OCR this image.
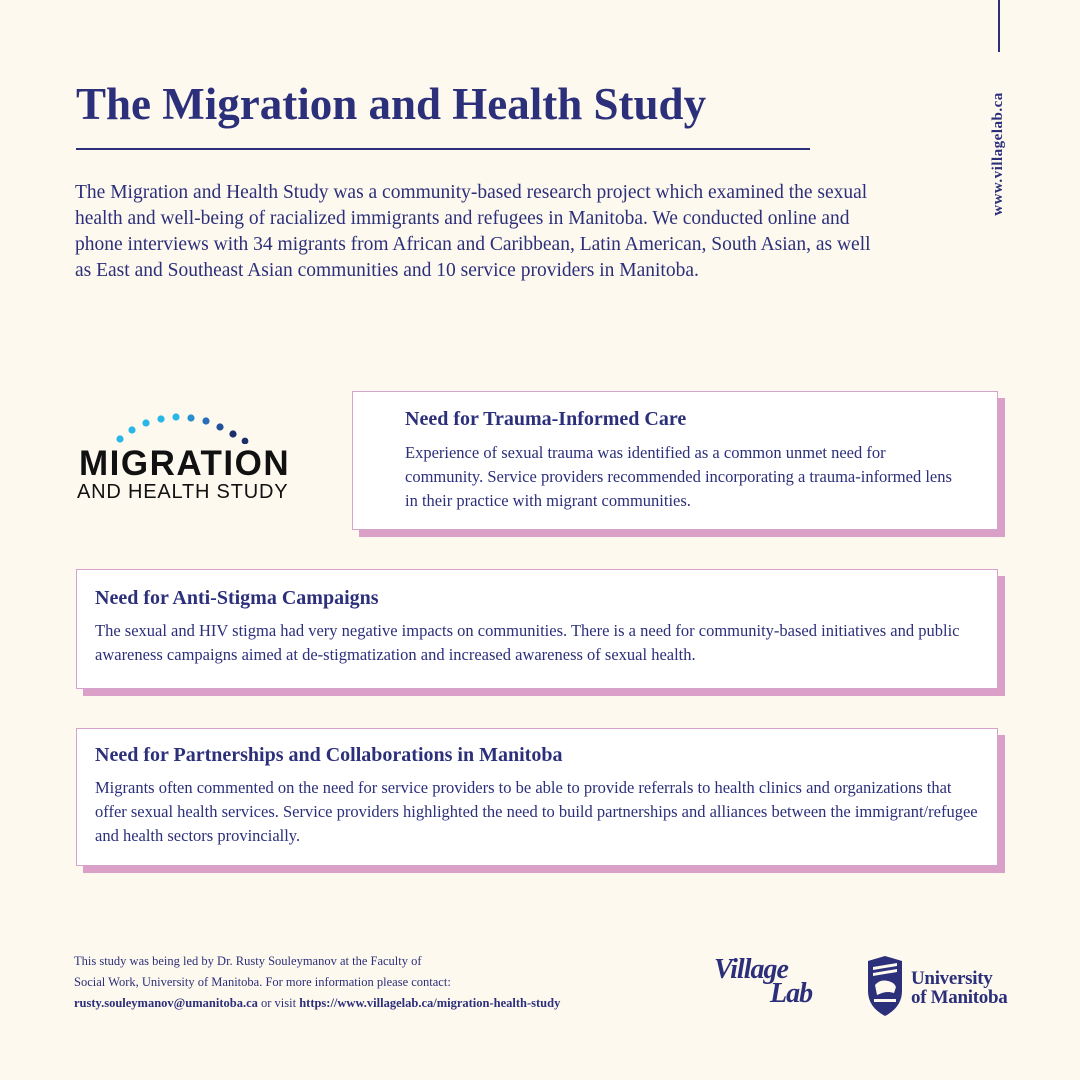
www.villagelab.ca
The Migration and Health Study

The Migration and Health Study was a community-based research project which examined the sexual health and well-being of racialized immigrants and refugees in Manitoba. We conducted online and phone interviews with 34 migrants from African and Caribbean, Latin American, South Asian, as well as East and Southeast Asian communities and 10 service providers in Manitoba.

MIGRATION
AND HEALTH STUDY
Need for Trauma-Informed Care

Experience of sexual trauma was identified as a common unmet need for community. Service providers recommended incorporating a trauma-informed lens in their practice with migrant communities.

Need for Anti-Stigma Campaigns

The sexual and HIV stigma had very negative impacts on communities. There is a need for community-based initiatives and public awareness campaigns aimed at de-stigmatization and increased awareness of sexual health.

Need for Partnerships and Collaborations in Manitoba

Migrants often commented on the need for service providers to be able to provide referrals to health clinics and organizations that offer sexual health services. Service providers highlighted the need to build partnerships and alliances between the immigrant/refugee and health sectors provincially.

This study was being led by Dr. Rusty Souleymanov at the Faculty of
Social Work, University of Manitoba. For more information please contact:
rusty.souleymanov@umanitoba.ca or visit https://www.villagelab.ca/migration-health-study
Village
Lab	University
of Manitoba
